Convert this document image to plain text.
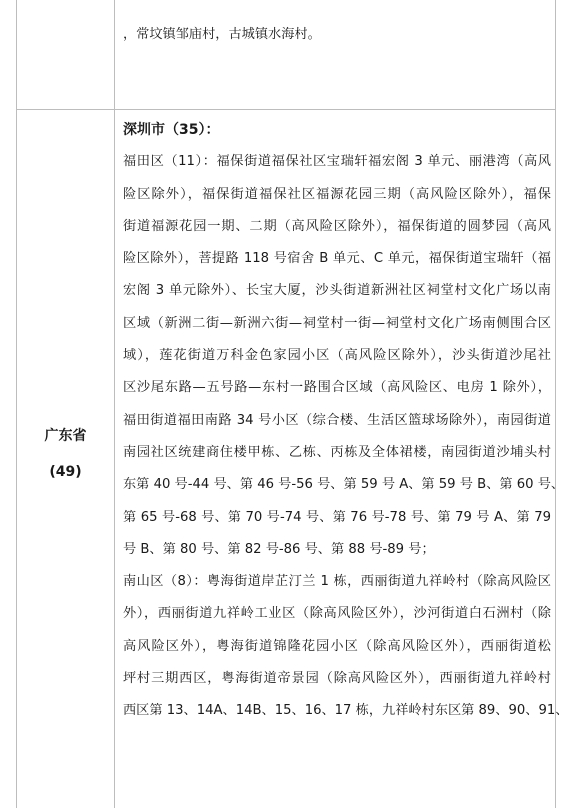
，常坟镇邹庙村，古城镇水海村。
广东省
(49)
深圳市（35）：
福田区（11）：福保街道福保社区宝瑞轩福宏阁 3 单元、丽港湾（高风
险区除外），福保街道福保社区福源花园三期（高风险区除外），福保
街道福源花园一期、二期（高风险区除外），福保街道的圆梦园（高风
险区除外），菩提路 118 号宿舍 B 单元、C 单元，福保街道宝瑞轩（福
宏阁 3 单元除外）、长宝大厦，沙头街道新洲社区祠堂村文化广场以南
区域（新洲二街—新洲六街—祠堂村一街—祠堂村文化广场南侧围合区
域），莲花街道万科金色家园小区（高风险区除外），沙头街道沙尾社
区沙尾东路—五号路—东村一路围合区域（高风险区、电房 1 除外），
福田街道福田南路 34 号小区（综合楼、生活区篮球场除外），南园街道
南园社区统建商住楼甲栋、乙栋、丙栋及全体裙楼，南园街道沙埔头村
东第 40 号-44 号、第 46 号-56 号、第 59 号 A、第 59 号 B、第 60 号、
第 65 号-68 号、第 70 号-74 号、第 76 号-78 号、第 79 号 A、第 79
号 B、第 80 号、第 82 号-86 号、第 88 号-89 号；
南山区（8）：粤海街道岸芷汀兰 1 栋，西丽街道九祥岭村（除高风险区
外），西丽街道九祥岭工业区（除高风险区外），沙河街道白石洲村（除
高风险区外），粤海街道锦隆花园小区（除高风险区外），西丽街道松
坪村三期西区，粤海街道帝景园（除高风险区外），西丽街道九祥岭村
西区第 13、14A、14B、15、16、17 栋，九祥岭村东区第 89、90、91、
